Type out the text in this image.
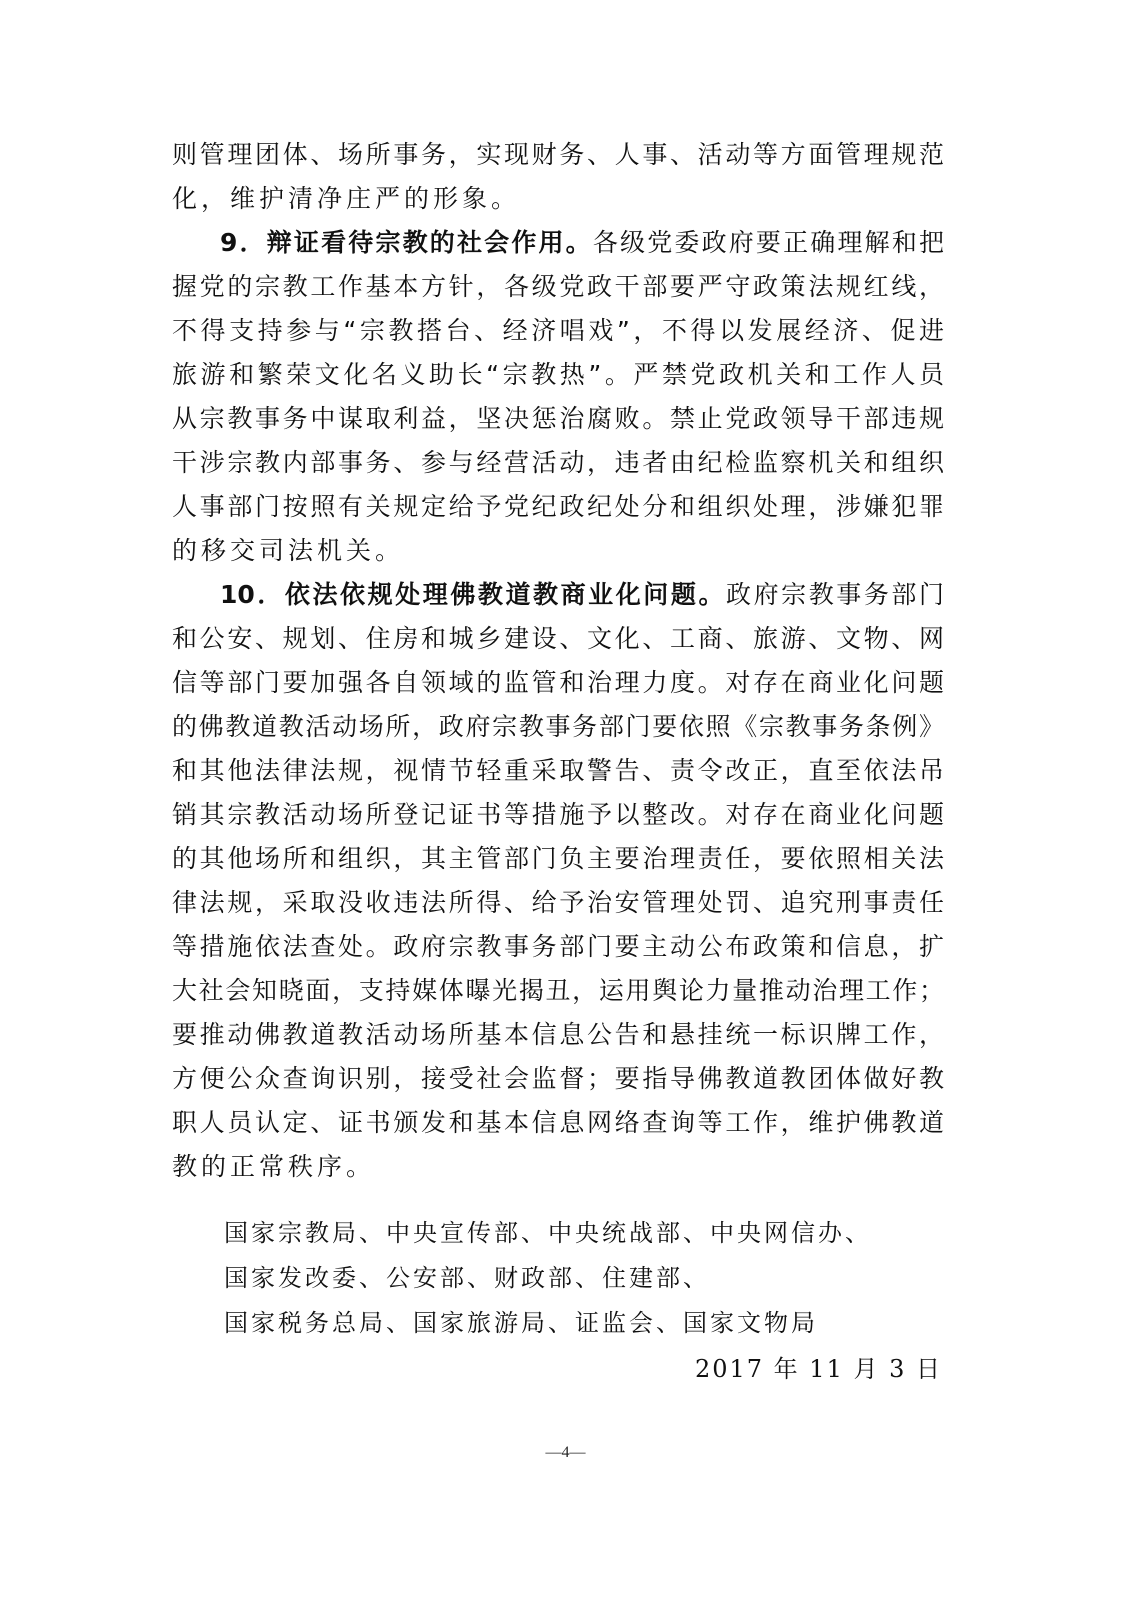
则管理团体、场所事务，实现财务、人事、活动等方面管理规范
化，维护清净庄严的形象。
9．辩证看待宗教的社会作用。各级党委政府要正确理解和把
握党的宗教工作基本方针，各级党政干部要严守政策法规红线，
不得支持参与“宗教搭台、经济唱戏”，不得以发展经济、促进
旅游和繁荣文化名义助长“宗教热”。严禁党政机关和工作人员
从宗教事务中谋取利益，坚决惩治腐败。禁止党政领导干部违规
干涉宗教内部事务、参与经营活动，违者由纪检监察机关和组织
人事部门按照有关规定给予党纪政纪处分和组织处理，涉嫌犯罪
的移交司法机关。
10．依法依规处理佛教道教商业化问题。政府宗教事务部门
和公安、规划、住房和城乡建设、文化、工商、旅游、文物、网
信等部门要加强各自领域的监管和治理力度。对存在商业化问题
的佛教道教活动场所，政府宗教事务部门要依照《宗教事务条例》
和其他法律法规，视情节轻重采取警告、责令改正，直至依法吊
销其宗教活动场所登记证书等措施予以整改。对存在商业化问题
的其他场所和组织，其主管部门负主要治理责任，要依照相关法
律法规，采取没收违法所得、给予治安管理处罚、追究刑事责任
等措施依法查处。政府宗教事务部门要主动公布政策和信息，扩
大社会知晓面，支持媒体曝光揭丑，运用舆论力量推动治理工作；
要推动佛教道教活动场所基本信息公告和悬挂统一标识牌工作，
方便公众查询识别，接受社会监督；要指导佛教道教团体做好教
职人员认定、证书颁发和基本信息网络查询等工作，维护佛教道
教的正常秩序。
国家宗教局、中央宣传部、中央统战部、中央网信办、
国家发改委、公安部、财政部、住建部、
国家税务总局、国家旅游局、证监会、国家文物局
2017 年 11 月 3 日
—4—
